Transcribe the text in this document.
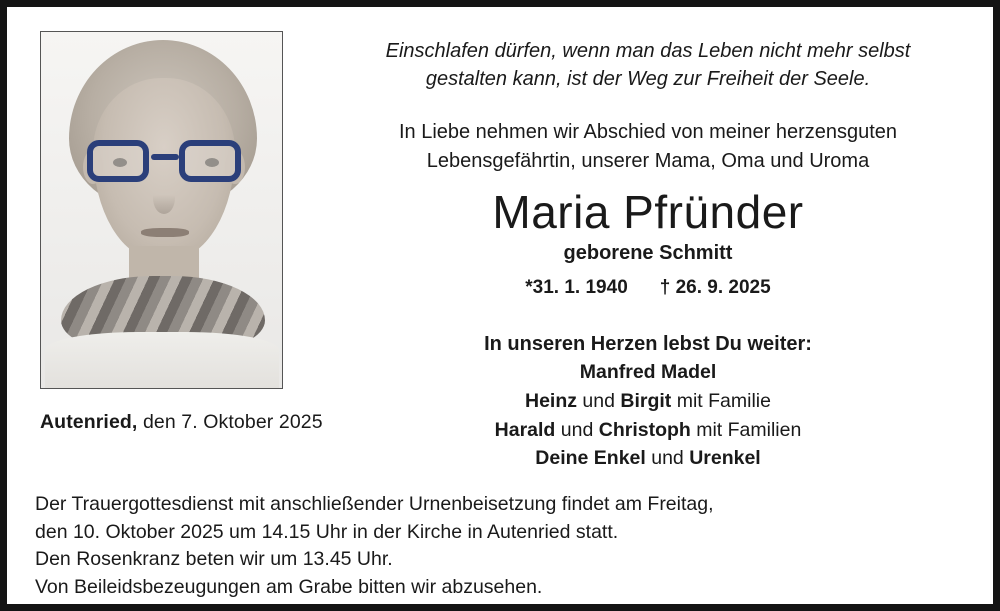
Autenried, den 7. Oktober 2025
Einschlafen dürfen, wenn man das Leben nicht mehr selbst
gestalten kann, ist der Weg zur Freiheit der Seele.
In Liebe nehmen wir Abschied von meiner herzensguten
Lebensgefährtin, unserer Mama, Oma und Uroma
Maria Pfründer
geborene Schmitt
*31. 1. 1940 † 26. 9. 2025
In unseren Herzen lebst Du weiter:

Manfred Madel

Heinz und Birgit mit Familie

Harald und Christoph mit Familien

Deine Enkel und Urenkel

Der Trauergottesdienst mit anschließender Urnenbeisetzung findet am Freitag,
den 10. Oktober 2025 um 14.15 Uhr in der Kirche in Autenried statt.
Den Rosenkranz beten wir um 13.45 Uhr.
Von Beileidsbezeugungen am Grabe bitten wir abzusehen.
